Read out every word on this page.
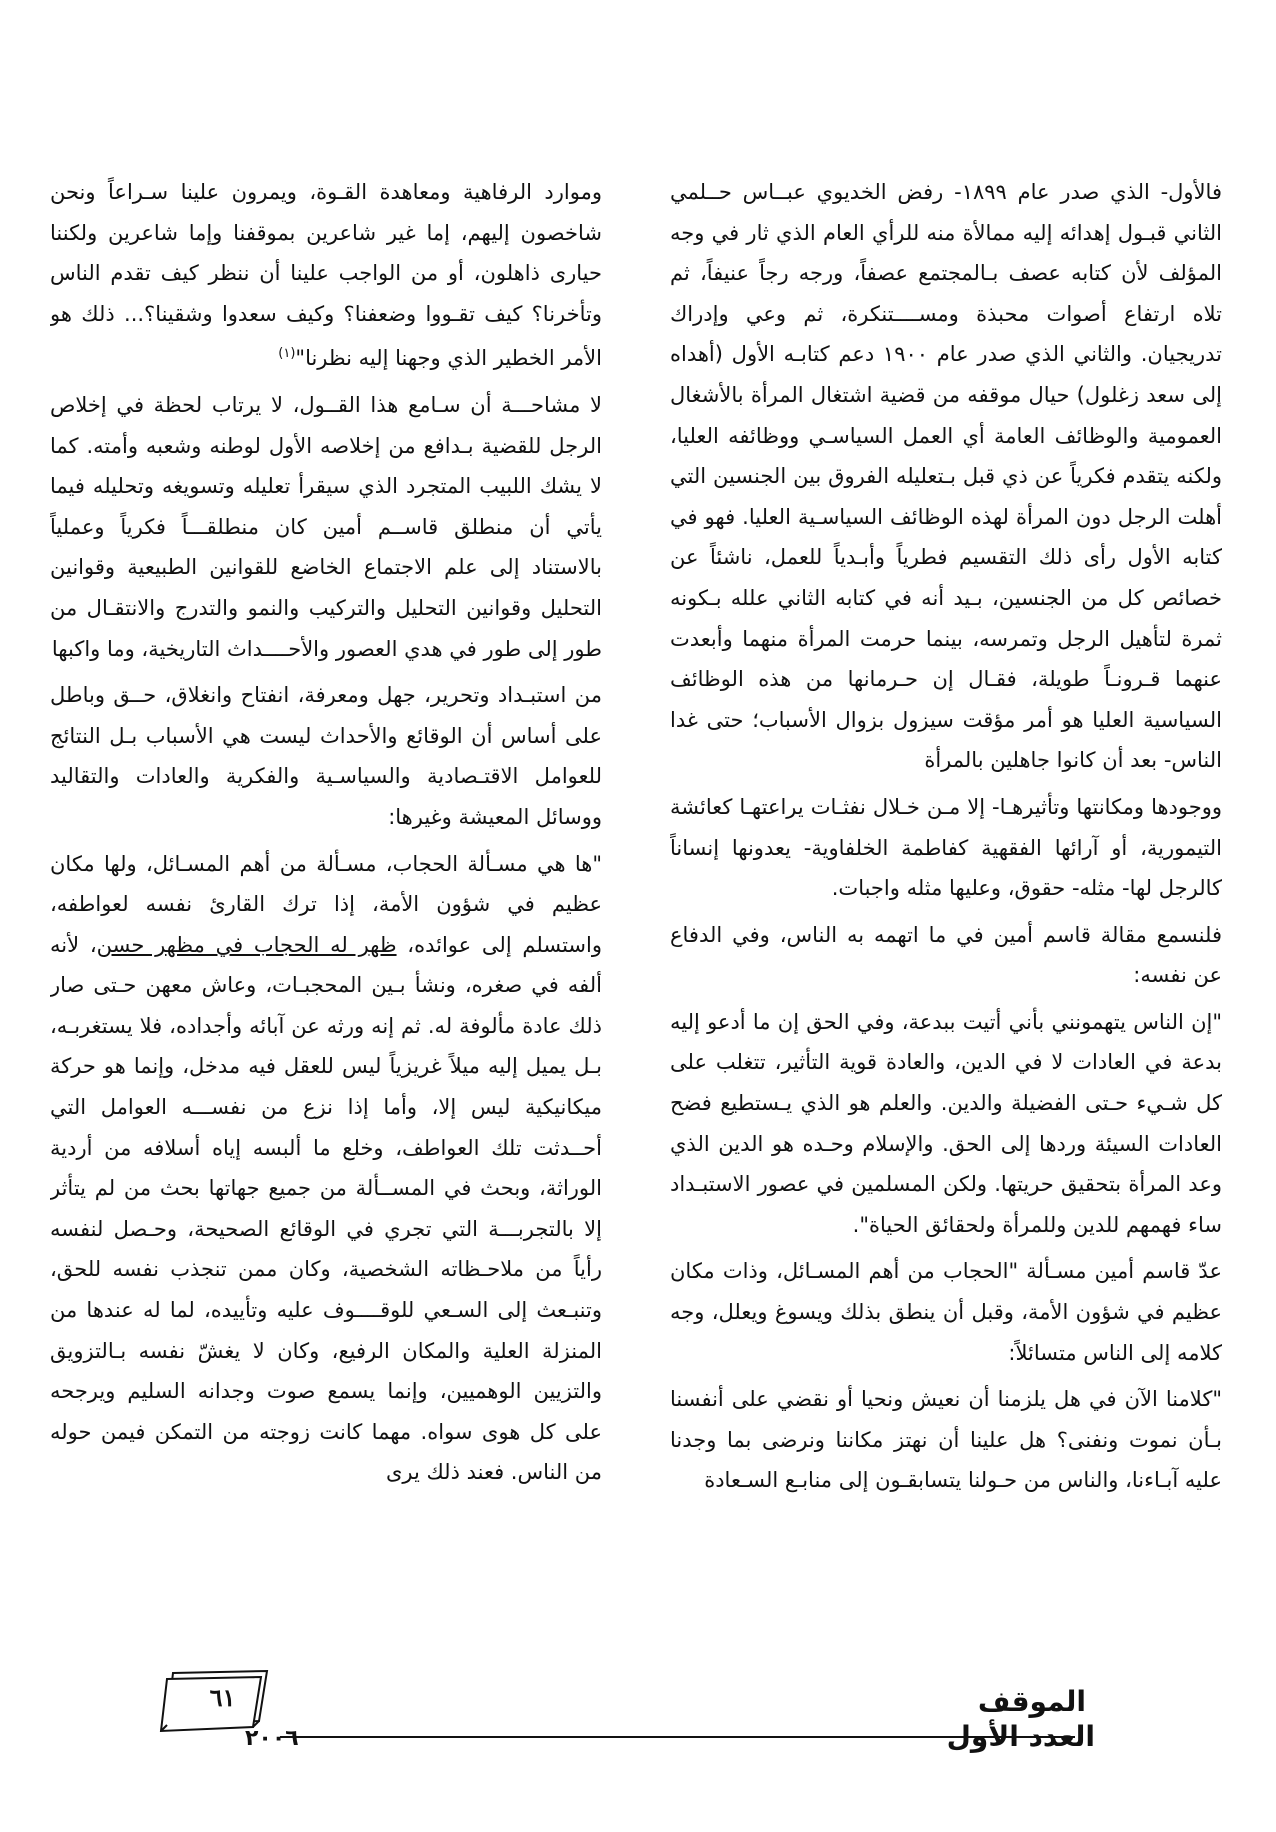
فالأول- الذي صدر عام ١٨٩٩- رفض الخديوي عبــاس حــلمي الثاني قبـول إهدائه إليه ممالأة منه للرأي العام الذي ثار في وجه المؤلف لأن كتابه عصف بـالمجتمع عصفاً، ورجه رجاً عنيفاً، ثم تلاه ارتفاع أصوات محبذة ومســــتنكرة، ثم وعي وإدراك تدريجيان. والثاني الذي صدر عام ١٩٠٠ دعم كتابـه الأول (أهداه إلى سعد زغلول) حيال موقفه من قضية اشتغال المرأة بالأشغال العمومية والوظائف العامة أي العمل السياسـي ووظائفه العليا، ولكنه يتقدم فكرياً عن ذي قبل بـتعليله الفروق بين الجنسين التي أهلت الرجل دون المرأة لهذه الوظائف السياسـية العليا. فهو في كتابه الأول رأى ذلك التقسيم فطرياً وأبـدياً للعمل، ناشئاً عن خصائص كل من الجنسين، بـيد أنه في كتابه الثاني علله بـكونه ثمرة لتأهيل الرجل وتمرسه، بينما حرمت المرأة منهما وأبعدت عنهما قـرونـاً طويلة، فقـال إن حـرمانها من هذه الوظائف السياسية العليا هو أمر مؤقت سيزول بزوال الأسباب؛ حتى غدا الناس- بعد أن كانوا جاهلين بالمرأة

ووجودها ومكانتها وتأثيرهـا- إلا مـن خـلال نفثـات يراعتهـا كعائشة التيمورية، أو آرائها الفقهية كفاطمة الخلفاوية- يعدونها إنساناً كالرجل لها- مثله- حقوق، وعليها مثله واجبات.

فلنسمع مقالة قاسم أمين في ما اتهمه به الناس، وفي الدفاع عن نفسه:

"إن الناس يتهمونني بأني أتيت ببدعة، وفي الحق إن ما أدعو إليه بدعة في العادات لا في الدين، والعادة قوية التأثير، تتغلب على كل شـيء حـتى الفضيلة والدين. والعلم هو الذي يـستطيع فضح العادات السيئة وردها إلى الحق. والإسلام وحـده هو الدين الذي وعد المرأة بتحقيق حريتها. ولكن المسلمين في عصور الاستبـداد ساء فهمهم للدين وللمرأة ولحقائق الحياة".

عدّ قاسم أمين مسـألة "الحجاب من أهم المسـائل، وذات مكان عظيم في شؤون الأمة، وقبل أن ينطق بذلك ويسوغ ويعلل، وجه كلامه إلى الناس متسائلاً:

"كلامنا الآن في هل يلزمنا أن نعيش ونحيا أو نقضي على أنفسنا بـأن نموت ونفنى؟ هل علينا أن نهتز مكاننا ونرضى بما وجدنا عليه آبـاءنا، والناس من حـولنا يتسابقـون إلى منابـع السـعادة

وموارد الرفاهية ومعاهدة القـوة، ويمرون علينا سـراعاً ونحن شاخصون إليهم، إما غير شاعرين بموقفنا وإما شاعرين ولكننا حيارى ذاهلون، أو من الواجب علينا أن ننظر كيف تقدم الناس وتأخرنا؟ كيف تقـووا وضعفنا؟ وكيف سعدوا وشقينا؟... ذلك هو الأمر الخطير الذي وجهنا إليه نظرنا"$^{(١)}$

لا مشاحـــة أن سـامع هذا القــول، لا يرتاب لحظة في إخلاص الرجل للقضية بـدافع من إخلاصه الأول لوطنه وشعبه وأمته. كما لا يشك اللبيب المتجرد الذي سيقرأ تعليله وتسويغه وتحليله فيما يأتي أن منطلق قاســم أمين كان منطلقـــاً فكرياً وعملياً بالاستناد إلى علم الاجتماع الخاضع للقوانين الطبيعية وقوانين التحليل وقوانين التحليل والتركيب والنمو والتدرج والانتقـال من طور إلى طور في هدي العصور والأحــــداث التاريخية، وما واكبها

من استبـداد وتحرير، جهل ومعرفة، انفتاح وانغلاق، حــق وباطل على أساس أن الوقائع والأحداث ليست هي الأسباب بـل النتائج للعوامل الاقتـصادية والسياسـية والفكرية والعادات والتقاليد ووسائل المعيشة وغيرها:

"ها هي مسـألة الحجاب، مسـألة من أهم المسـائل، ولها مكان عظيم في شؤون الأمة، إذا ترك القارئ نفسه لعواطفه، واستسلم إلى عوائده، ظهر له الحجاب في مظهر حسن، لأنه ألفه في صغره، ونشأ بـين المحجبـات، وعاش معهن حـتى صار ذلك عادة مألوفة له. ثم إنه ورثه عن آبائه وأجداده، فلا يستغربـه، بـل يميل إليه ميلاً غريزياً ليس للعقل فيه مدخل، وإنما هو حركة ميكانيكية ليس إلا، وأما إذا نزع من نفســـه العوامل التي أحــدثت تلك العواطف، وخلع ما ألبسه إياه أسلافه من أردية الوراثة، وبحث في المســألة من جميع جهاتها بحث من لم يتأثر إلا بالتجربـــة التي تجري في الوقائع الصحيحة، وحـصل لنفسه رأياً من ملاحـظاته الشخصية، وكان ممن تنجذب نفسه للحق، وتنبـعث إلى السـعي للوقــــوف عليه وتأييده، لما له عندها من المنزلة العلية والمكان الرفيع، وكان لا يغشّ نفسه بـالتزويق والتزيين الوهميين، وإنما يسمع صوت وجدانه السليم ويرجحه على كل هوى سواه. مهما كانت زوجته من التمكن فيمن حوله من الناس. فعند ذلك يرى

٦١	الموقف
العدد الأول
٢٠٠٦
